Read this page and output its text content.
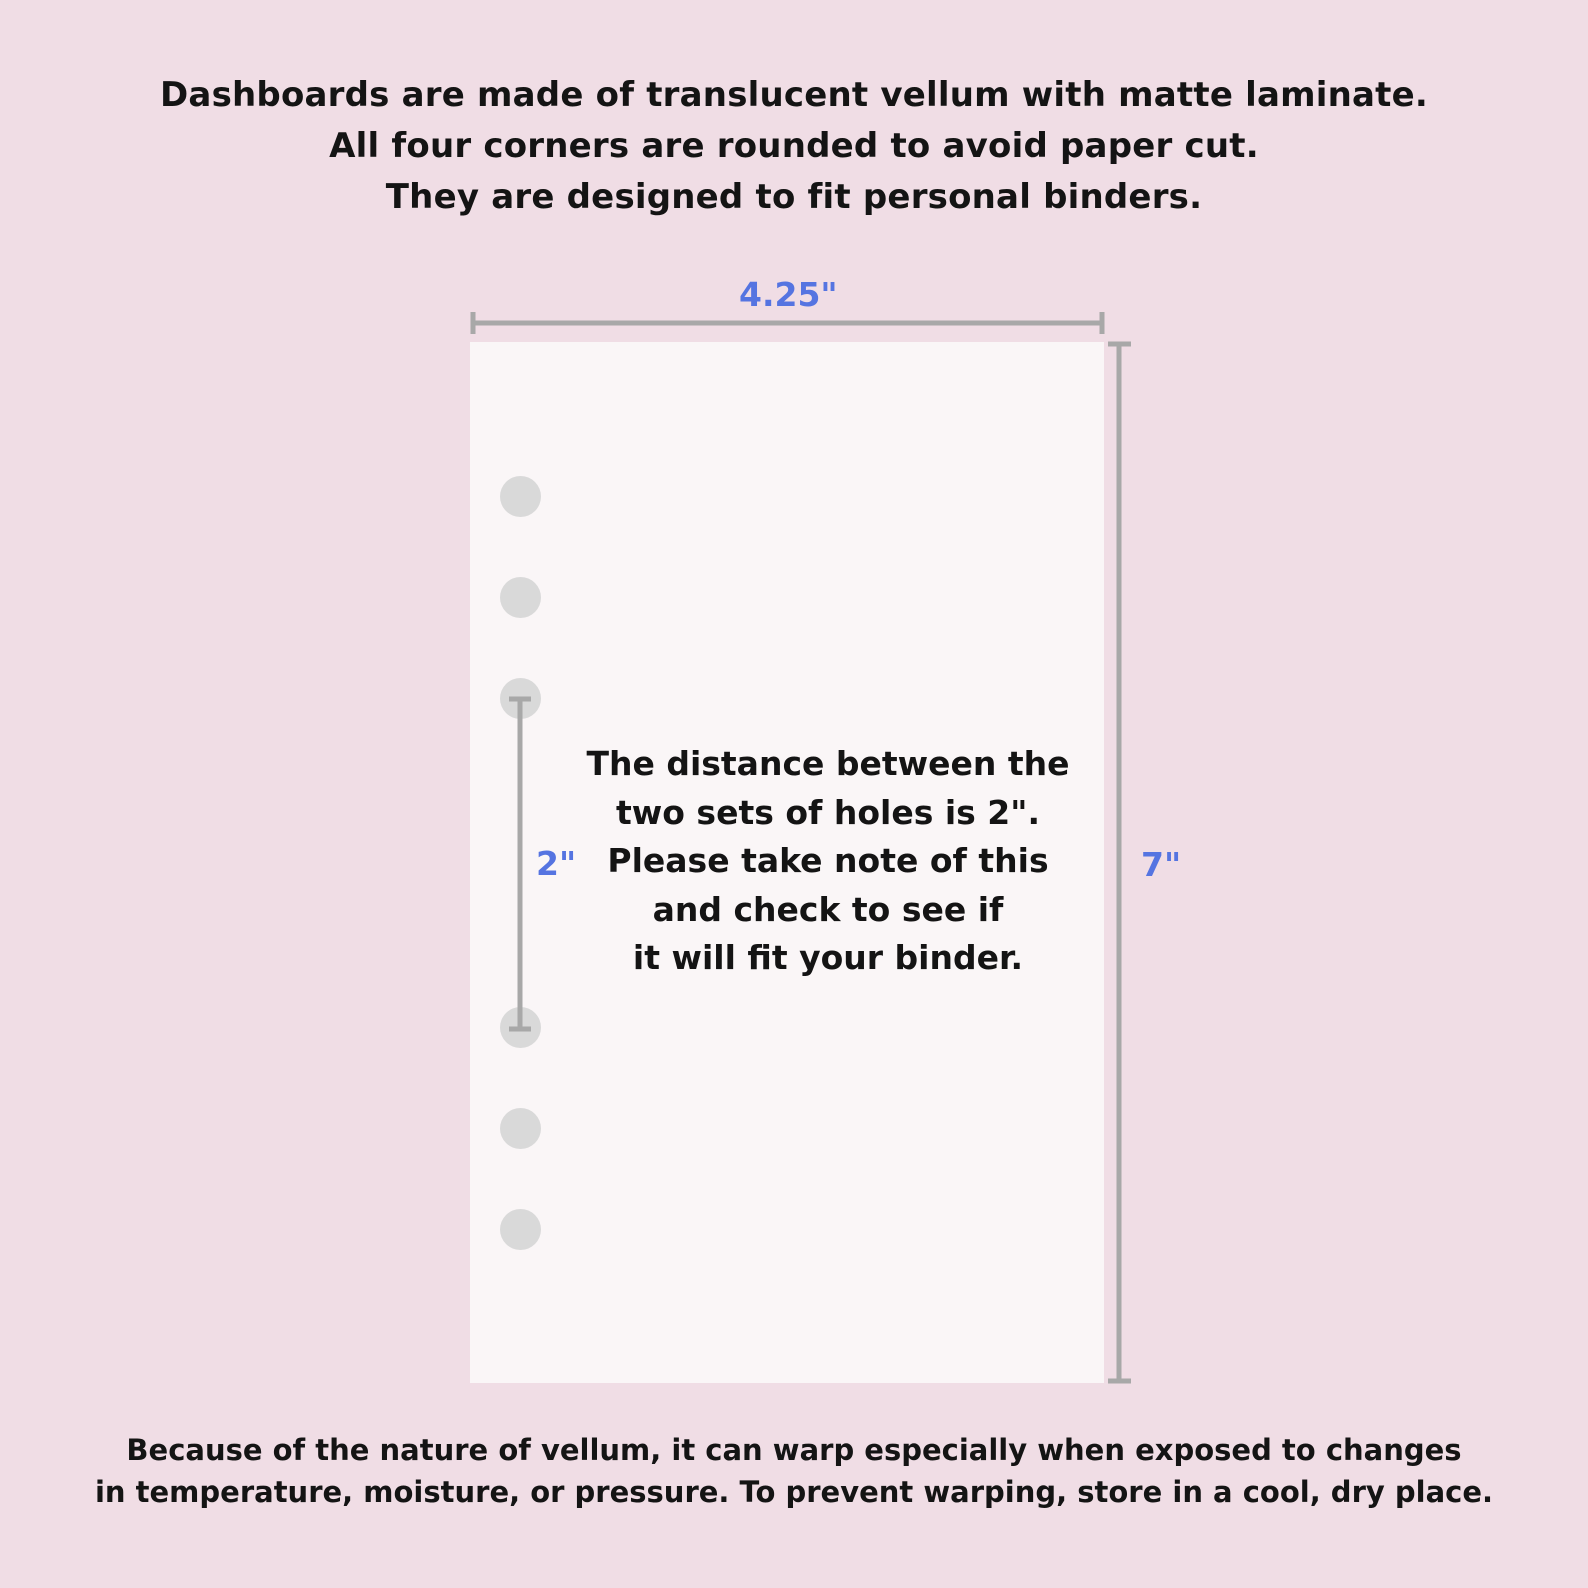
Dashboards are made of translucent vellum with matte laminate.
All four corners are rounded to avoid paper cut.
They are designed to fit personal binders.
4.25"
7"
2"
The distance between the
two sets of holes is 2".
Please take note of this
and check to see if
it will fit your binder.
Because of the nature of vellum, it can warp especially when exposed to changes
in temperature, moisture, or pressure. To prevent warping, store in a cool, dry place.
